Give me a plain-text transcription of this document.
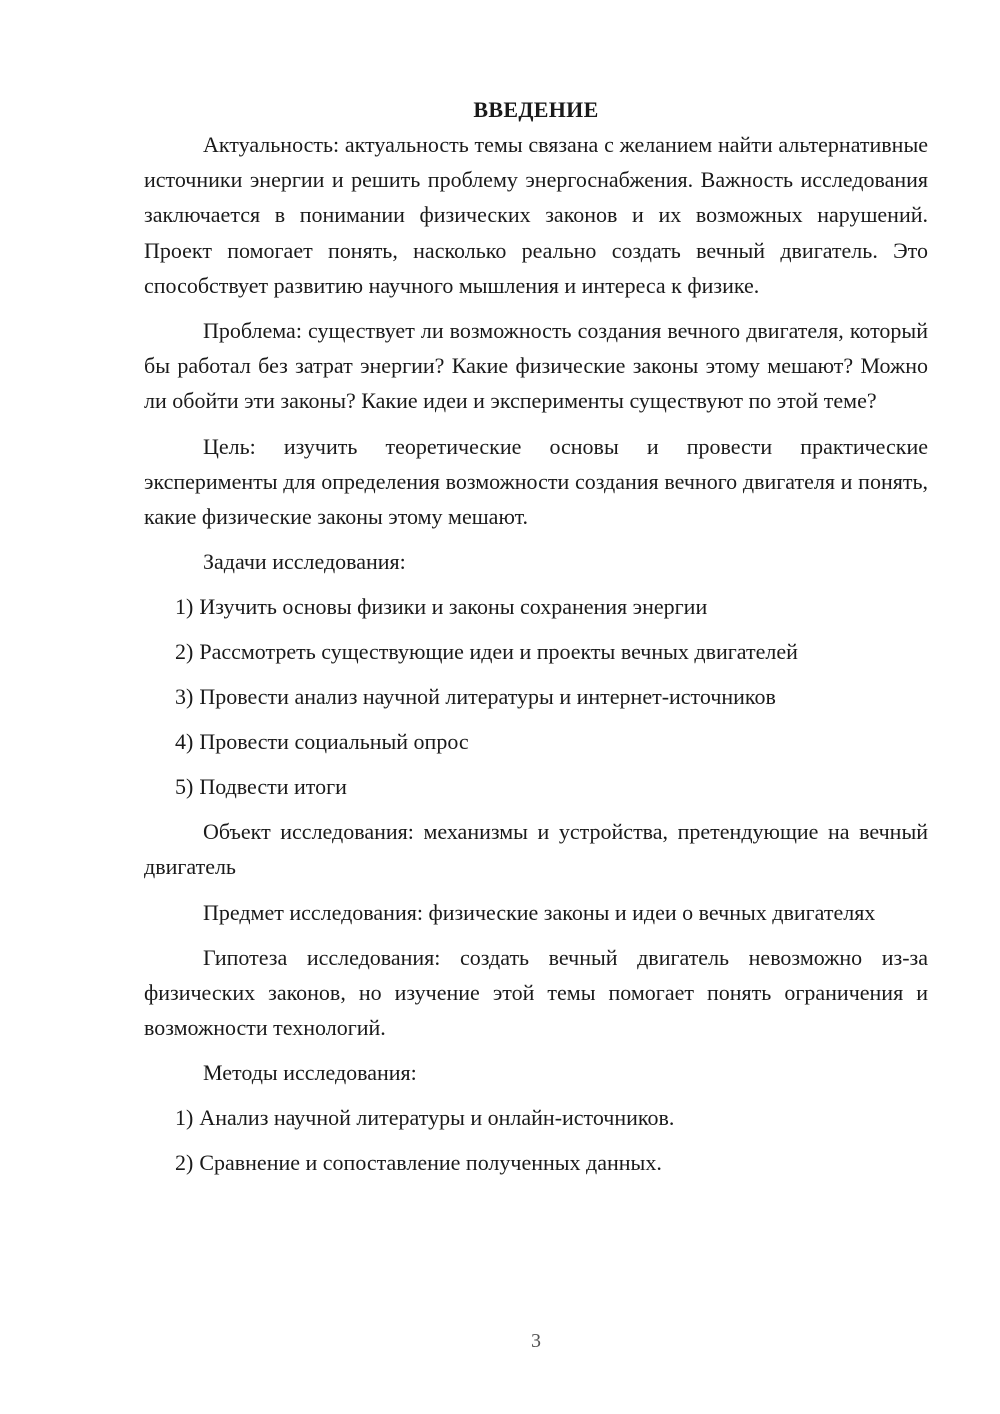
ВВЕДЕНИЕ

Актуальность: актуальность темы связана с желанием найти альтернативные источники энергии и решить проблему энергоснабжения. Важность исследования заключается в понимании физических законов и их возможных нарушений. Проект помогает понять, насколько реально создать вечный двигатель. Это способствует развитию научного мышления и интереса к физике.

Проблема: существует ли возможность создания вечного двигателя, который бы работал без затрат энергии? Какие физические законы этому мешают? Можно ли обойти эти законы? Какие идеи и эксперименты существуют по этой теме?

Цель: изучить теоретические основы и провести практические эксперименты для определения возможности создания вечного двигателя и понять, какие физические законы этому мешают.

Задачи исследования:

1) Изучить основы физики и законы сохранения энергии
2) Рассмотреть существующие идеи и проекты вечных двигателей
3) Провести анализ научной литературы и интернет-источников
4) Провести социальный опрос
5) Подвести итоги

Объект исследования: механизмы и устройства, претендующие на вечный двигатель

Предмет исследования: физические законы и идеи о вечных двигателях

Гипотеза исследования: создать вечный двигатель невозможно из-за физических законов, но изучение этой темы помогает понять ограничения и возможности технологий.

Методы исследования:

1) Анализ научной литературы и онлайн-источников.
2) Сравнение и сопоставление полученных данных.
3
